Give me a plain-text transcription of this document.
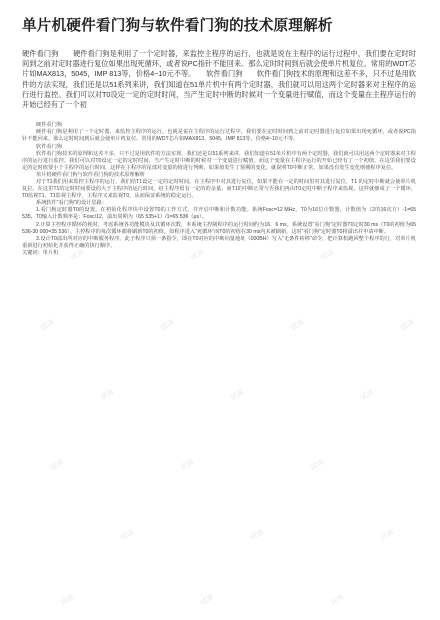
单片机硬件看门狗与软件看门狗的技术原理解析

硬件看门狗　　硬件看门狗是利用了一个定时器，来监控主程序的运行，也就是说在主程序的运行过程中，我们要在定时时间到之前对定时器进行复位如果出现死循环，或者说PC指针不能回来。那么定时时间到后就会使单片机复位。常用的WDT芯片如MAX813，5045，IMP 813等，价格4~10元不等。　　软件看门狗　　软件看门狗技术的原理和这差不多，只不过是用软件的方法实现，我们还是以51系列来讲，我们知道在51单片机中有两个定时器，我们就可以用这两个定时器来对主程序的运行进行监控。我们可以对T0设定一定的定时时间，当产生定时中断的时候对一个变量进行赋值，而这个变量在主程序运行的开始已经有了一个初

硬件看门狗

硬件看门狗是利用了一个定时器，来监控主程序的运行，也就是说在主程序的运行过程中，我们要在定时时间到之前对定时器进行复位如果出现死循环，或者说PC指针不能回来。那么定时时间到后就会使单片机复位。常用的WDT芯片如MAX813，5045，IMP 813等，价格4~10元不等。

软件看门狗

软件看门狗技术的原理和这差不多，只不过是用软件的方法实现，我们还是以51系列来讲，我们知道在51单片机中有两个定时器，我们就可以用这两个定时器来对主程序的运行进行监控。我们可以对T0设定一定的定时时间，当产生定时中断的时候对一个变量进行赋值，而这个变量在主程序运行的开始已经有了一个初值，在这里我们要设定的定时值要小于主程序的运行时间，这样在主程序的尾部对变量的值进行判断，如果值发生了预期的变化，就说明T0中断正常，如果没有发生变化则使程序复位。

单片机硬件看门狗与软件看门狗的技术原理解析

对于T1我们用来监控主程序的运行，我们给T1设定一定的定时时间，在主程序中对其进行复位，如果不能在一定的时间里对其进行复位，T1 的定时中断就会使单片机复位。在这里T1的定时时间要设的大于主程序的运行时间，给主程序留有一定的的余量。而T1的中断正常与否我们再由T0定时中断子程序来监视。这样就够成了一个循环，T0监视T1，T1监视主程序，主程序又来监视T0，从而保证系统的稳定运行。

系统软件“看门狗”的设计思路：

1.看门狗定时器T0的设置。在初始化程序块中设置T0的工作方式，并开启中断和计数功能。系统Fosc=12 MHz，T0为16位计数器，计数值为（2的16次方）-1=65 535，T0输入计数频率是：Fosc/12，溢出周期为（65 535+1）/1=65 536（μs）。

2.计算主控程序循环的耗时。考虑系统各功能模块及其循环次数，本系统主控制程序的运行时间约为16．6 ms。系统设置“看门狗”定时器T0定时30 ms（T0的初值为65 536-30 000=35 536）。主控程序的每次循环都将刷新T0的初值。如程序进入“死循环”而T0的初值在30 ms内未被刷新，这时“看门狗”定时器T0将溢出并申请中断。

3.设计T0溢出所对应的中断服务程序。此子程序只须一条指令，即在T0对应的中断向量地址（000BH）写入“无条件转移”命令，把计算机跑回整个程序的行，对单片机重新进行初始化并获得正确的执行顺序。

关键词：单片机	试读	试读	试读
试读	试读	试读	试读
试读	试读	试读
试读	试读	试读
试读	试读	试读
试读	试读	试读
